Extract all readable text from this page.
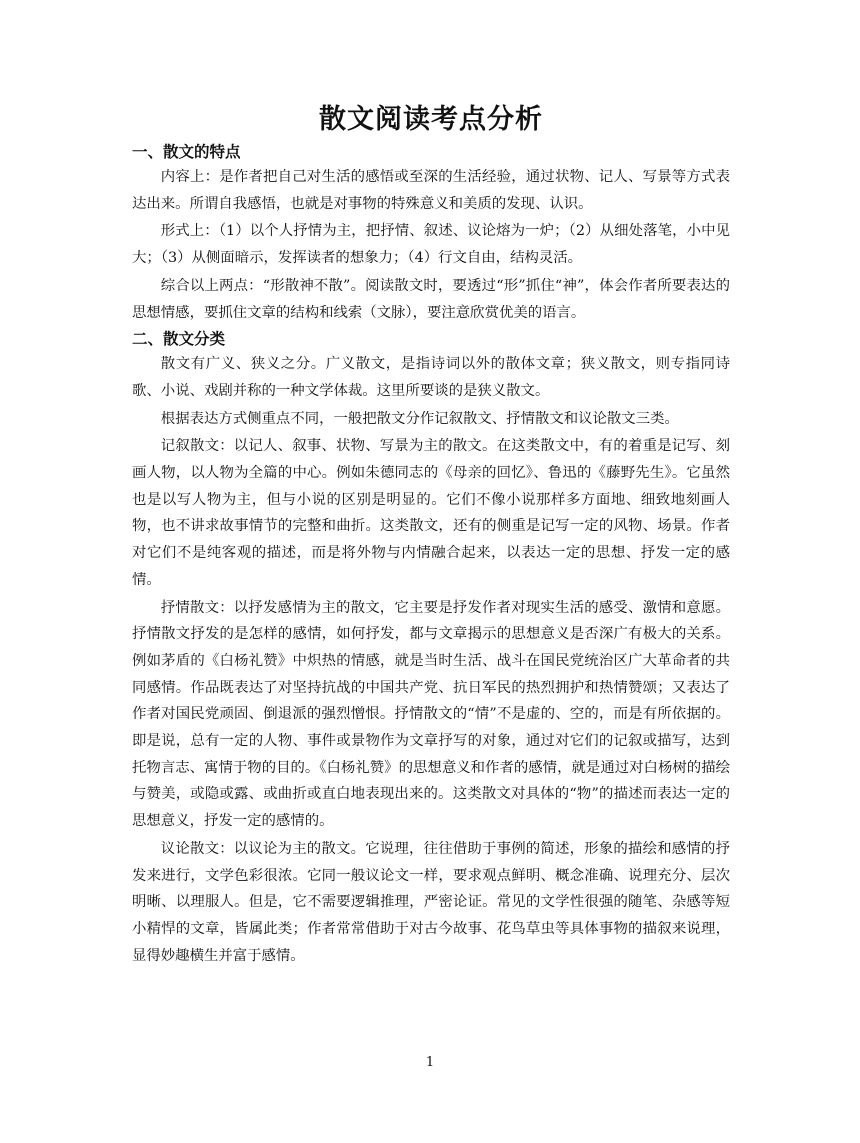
散文阅读考点分析
一、散文的特点

内容上：是作者把自己对生活的感悟或至深的生活经验，通过状物、记人、写景等方式表达出来。所谓自我感悟，也就是对事物的特殊意义和美质的发现、认识。

形式上：（1）以个人抒情为主，把抒情、叙述、议论熔为一炉；（2）从细处落笔，小中见大；（3）从侧面暗示，发挥读者的想象力；（4）行文自由，结构灵活。

综合以上两点：“形散神不散”。阅读散文时，要透过“形”抓住“神”，体会作者所要表达的思想情感，要抓住文章的结构和线索（文脉），要注意欣赏优美的语言。

二、散文分类

散文有广义、狭义之分。广义散文，是指诗词以外的散体文章；狭义散文，则专指同诗歌、小说、戏剧并称的一种文学体裁。这里所要谈的是狭义散文。

根据表达方式侧重点不同，一般把散文分作记叙散文、抒情散文和议论散文三类。

记叙散文：以记人、叙事、状物、写景为主的散文。在这类散文中，有的着重是记写、刻画人物，以人物为全篇的中心。例如朱德同志的《母亲的回忆》、鲁迅的《藤野先生》。它虽然也是以写人物为主，但与小说的区别是明显的。它们不像小说那样多方面地、细致地刻画人物，也不讲求故事情节的完整和曲折。这类散文，还有的侧重是记写一定的风物、场景。作者对它们不是纯客观的描述，而是将外物与内情融合起来，以表达一定的思想、抒发一定的感情。

抒情散文：以抒发感情为主的散文，它主要是抒发作者对现实生活的感受、激情和意愿。抒情散文抒发的是怎样的感情，如何抒发，都与文章揭示的思想意义是否深广有极大的关系。例如茅盾的《白杨礼赞》中炽热的情感，就是当时生活、战斗在国民党统治区广大革命者的共同感情。作品既表达了对坚持抗战的中国共产党、抗日军民的热烈拥护和热情赞颂；又表达了作者对国民党顽固、倒退派的强烈憎恨。抒情散文的“情”不是虚的、空的，而是有所依据的。即是说，总有一定的人物、事件或景物作为文章抒写的对象，通过对它们的记叙或描写，达到托物言志、寓情于物的目的。《白杨礼赞》的思想意义和作者的感情，就是通过对白杨树的描绘与赞美，或隐或露、或曲折或直白地表现出来的。这类散文对具体的“物”的描述而表达一定的思想意义，抒发一定的感情的。

议论散文：以议论为主的散文。它说理，往往借助于事例的简述，形象的描绘和感情的抒发来进行，文学色彩很浓。它同一般议论文一样，要求观点鲜明、概念准确、说理充分、层次明晰、以理服人。但是，它不需要逻辑推理，严密论证。常见的文学性很强的随笔、杂感等短小精悍的文章，皆属此类；作者常常借助于对古今故事、花鸟草虫等具体事物的描叙来说理，显得妙趣横生并富于感情。

1
